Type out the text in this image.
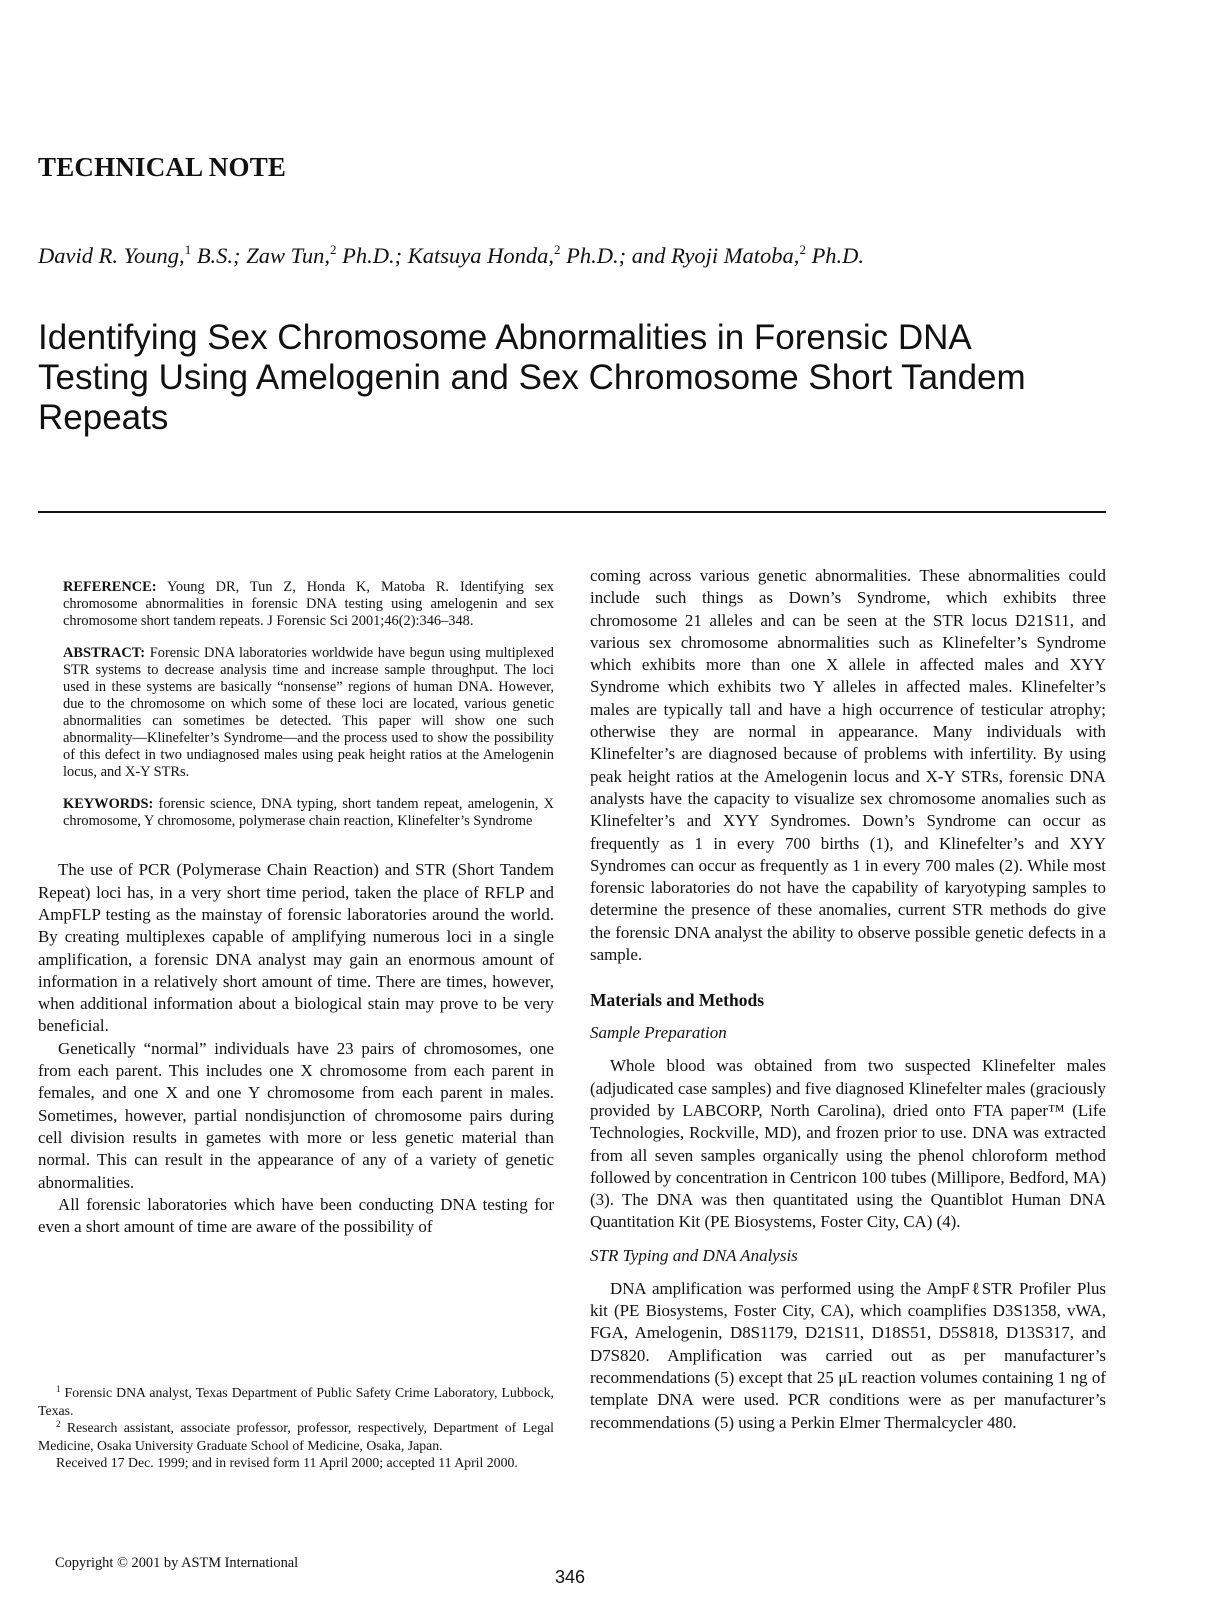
TECHNICAL NOTE

David R. Young,$^1$ B.S.; Zaw Tun,$^2$ Ph.D.; Katsuya Honda,$^2$ Ph.D.; and Ryoji Matoba,$^2$ Ph.D.

Identifying Sex Chromosome Abnormalities in Forensic DNA Testing Using Amelogenin and Sex Chromosome Short Tandem Repeats

REFERENCE: Young DR, Tun Z, Honda K, Matoba R. Identifying sex chromosome abnormalities in forensic DNA testing using amelogenin and sex chromosome short tandem repeats. J Forensic Sci 2001;46(2):346–348.

ABSTRACT: Forensic DNA laboratories worldwide have begun using multiplexed STR systems to decrease analysis time and increase sample throughput. The loci used in these systems are basically “nonsense” regions of human DNA. However, due to the chromosome on which some of these loci are located, various genetic abnormalities can sometimes be detected. This paper will show one such abnormality—Klinefelter’s Syndrome—and the process used to show the possibility of this defect in two undiagnosed males using peak height ratios at the Amelogenin locus, and X-Y STRs.

KEYWORDS: forensic science, DNA typing, short tandem repeat, amelogenin, X chromosome, Y chromosome, polymerase chain reaction, Klinefelter’s Syndrome

The use of PCR (Polymerase Chain Reaction) and STR (Short Tandem Repeat) loci has, in a very short time period, taken the place of RFLP and AmpFLP testing as the mainstay of forensic laboratories around the world. By creating multiplexes capable of amplifying numerous loci in a single amplification, a forensic DNA analyst may gain an enormous amount of information in a relatively short amount of time. There are times, however, when additional information about a biological stain may prove to be very beneficial.

Genetically “normal” individuals have 23 pairs of chromosomes, one from each parent. This includes one X chromosome from each parent in females, and one X and one Y chromosome from each parent in males. Sometimes, however, partial nondisjunction of chromosome pairs during cell division results in gametes with more or less genetic material than normal. This can result in the appearance of any of a variety of genetic abnormalities.

All forensic laboratories which have been conducting DNA testing for even a short amount of time are aware of the possibility of

$^1$ Forensic DNA analyst, Texas Department of Public Safety Crime Laboratory, Lubbock, Texas.

$^2$ Research assistant, associate professor, professor, respectively, Department of Legal Medicine, Osaka University Graduate School of Medicine, Osaka, Japan.

Received 17 Dec. 1999; and in revised form 11 April 2000; accepted 11 April 2000.

coming across various genetic abnormalities. These abnormalities could include such things as Down’s Syndrome, which exhibits three chromosome 21 alleles and can be seen at the STR locus D21S11, and various sex chromosome abnormalities such as Klinefelter’s Syndrome which exhibits more than one X allele in affected males and XYY Syndrome which exhibits two Y alleles in affected males. Klinefelter’s males are typically tall and have a high occurrence of testicular atrophy; otherwise they are normal in appearance. Many individuals with Klinefelter’s are diagnosed because of problems with infertility. By using peak height ratios at the Amelogenin locus and X-Y STRs, forensic DNA analysts have the capacity to visualize sex chromosome anomalies such as Klinefelter’s and XYY Syndromes. Down’s Syndrome can occur as frequently as 1 in every 700 births (1), and Klinefelter’s and XYY Syndromes can occur as frequently as 1 in every 700 males (2). While most forensic laboratories do not have the capability of karyotyping samples to determine the presence of these anomalies, current STR methods do give the forensic DNA analyst the ability to observe possible genetic defects in a sample.

Materials and Methods
Sample Preparation

Whole blood was obtained from two suspected Klinefelter males (adjudicated case samples) and five diagnosed Klinefelter males (graciously provided by LABCORP, North Carolina), dried onto FTA paper™ (Life Technologies, Rockville, MD), and frozen prior to use. DNA was extracted from all seven samples organically using the phenol chloroform method followed by concentration in Centricon 100 tubes (Millipore, Bedford, MA) (3). The DNA was then quantitated using the Quantiblot Human DNA Quantitation Kit (PE Biosystems, Foster City, CA) (4).

STR Typing and DNA Analysis

DNA amplification was performed using the AmpFℓSTR Profiler Plus kit (PE Biosystems, Foster City, CA), which coamplifies D3S1358, vWA, FGA, Amelogenin, D8S1179, D21S11, D18S51, D5S818, D13S317, and D7S820. Amplification was carried out as per manufacturer’s recommendations (5) except that 25 μL reaction volumes containing 1 ng of template DNA were used. PCR conditions were as per manufacturer’s recommendations (5) using a Perkin Elmer Thermalcycler 480.

Copyright © 2001 by ASTM International

346
